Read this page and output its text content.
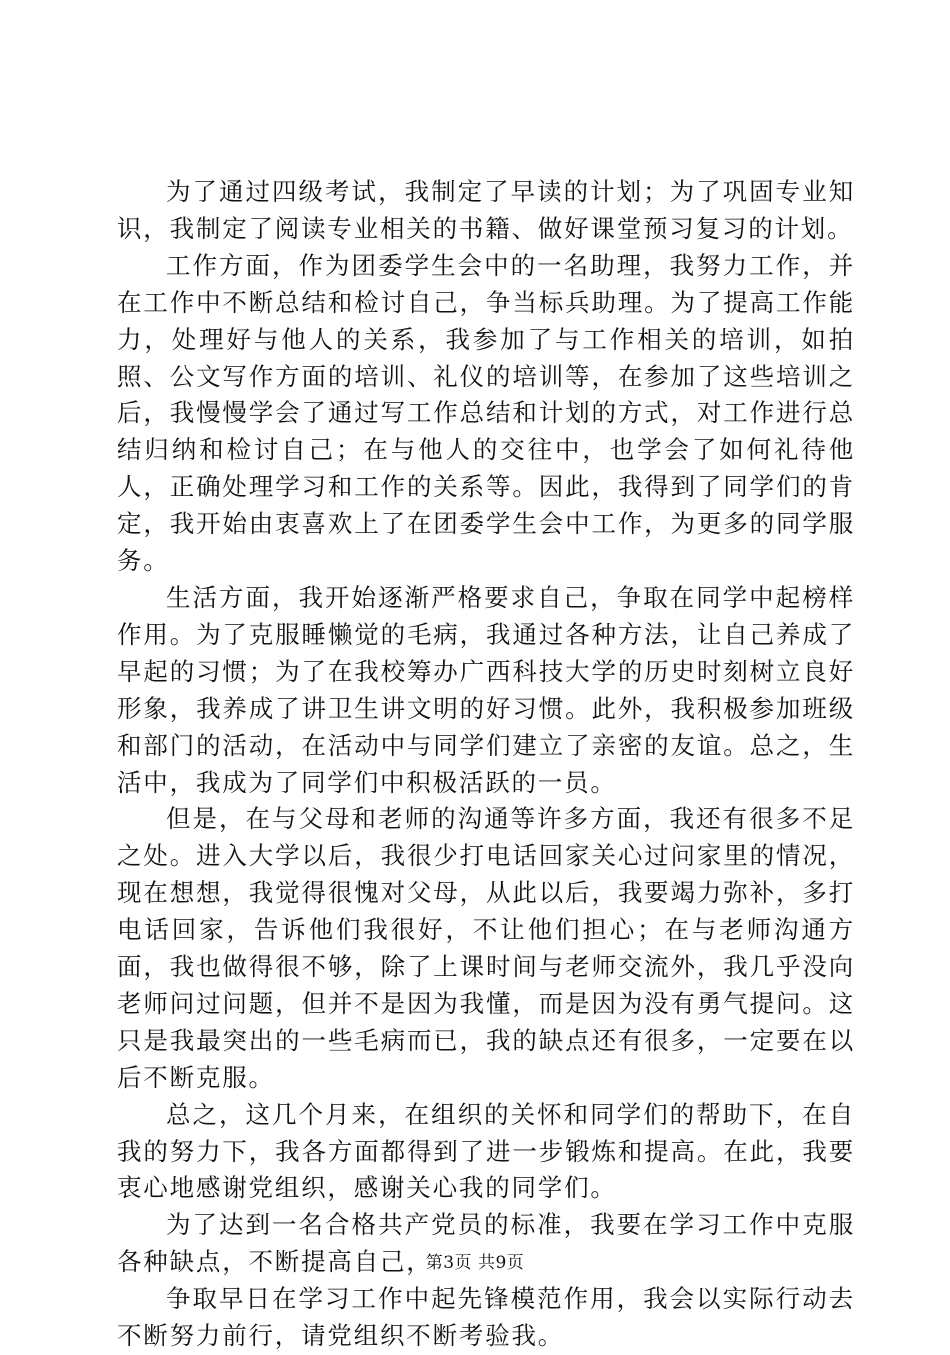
为了通过四级考试，我制定了早读的计划；为了巩固专业知识，我制定了阅读专业相关的书籍、做好课堂预习复习的计划。

工作方面，作为团委学生会中的一名助理，我努力工作，并在工作中不断总结和检讨自己，争当标兵助理。为了提高工作能力，处理好与他人的关系，我参加了与工作相关的培训，如拍照、公文写作方面的培训、礼仪的培训等，在参加了这些培训之后，我慢慢学会了通过写工作总结和计划的方式，对工作进行总结归纳和检讨自己；在与他人的交往中，也学会了如何礼待他人，正确处理学习和工作的关系等。因此，我得到了同学们的肯定，我开始由衷喜欢上了在团委学生会中工作，为更多的同学服务。

生活方面，我开始逐渐严格要求自己，争取在同学中起榜样作用。为了克服睡懒觉的毛病，我通过各种方法，让自己养成了早起的习惯；为了在我校筹办广西科技大学的历史时刻树立良好形象，我养成了讲卫生讲文明的好习惯。此外，我积极参加班级和部门的活动，在活动中与同学们建立了亲密的友谊。总之，生活中，我成为了同学们中积极活跃的一员。

但是，在与父母和老师的沟通等许多方面，我还有很多不足之处。进入大学以后，我很少打电话回家关心过问家里的情况，现在想想，我觉得很愧对父母，从此以后，我要竭力弥补，多打电话回家，告诉他们我很好，不让他们担心；在与老师沟通方面，我也做得很不够，除了上课时间与老师交流外，我几乎没向老师问过问题，但并不是因为我懂，而是因为没有勇气提问。这只是我最突出的一些毛病而已，我的缺点还有很多，一定要在以后不断克服。

总之，这几个月来，在组织的关怀和同学们的帮助下，在自我的努力下，我各方面都得到了进一步锻炼和提高。在此，我要衷心地感谢党组织，感谢关心我的同学们。

为了达到一名合格共产党员的标准，我要在学习工作中克服各种缺点，不断提高自己，

争取早日在学习工作中起先锋模范作用，我会以实际行动去不断努力前行，请党组织不断考验我。

第3页 共9页
